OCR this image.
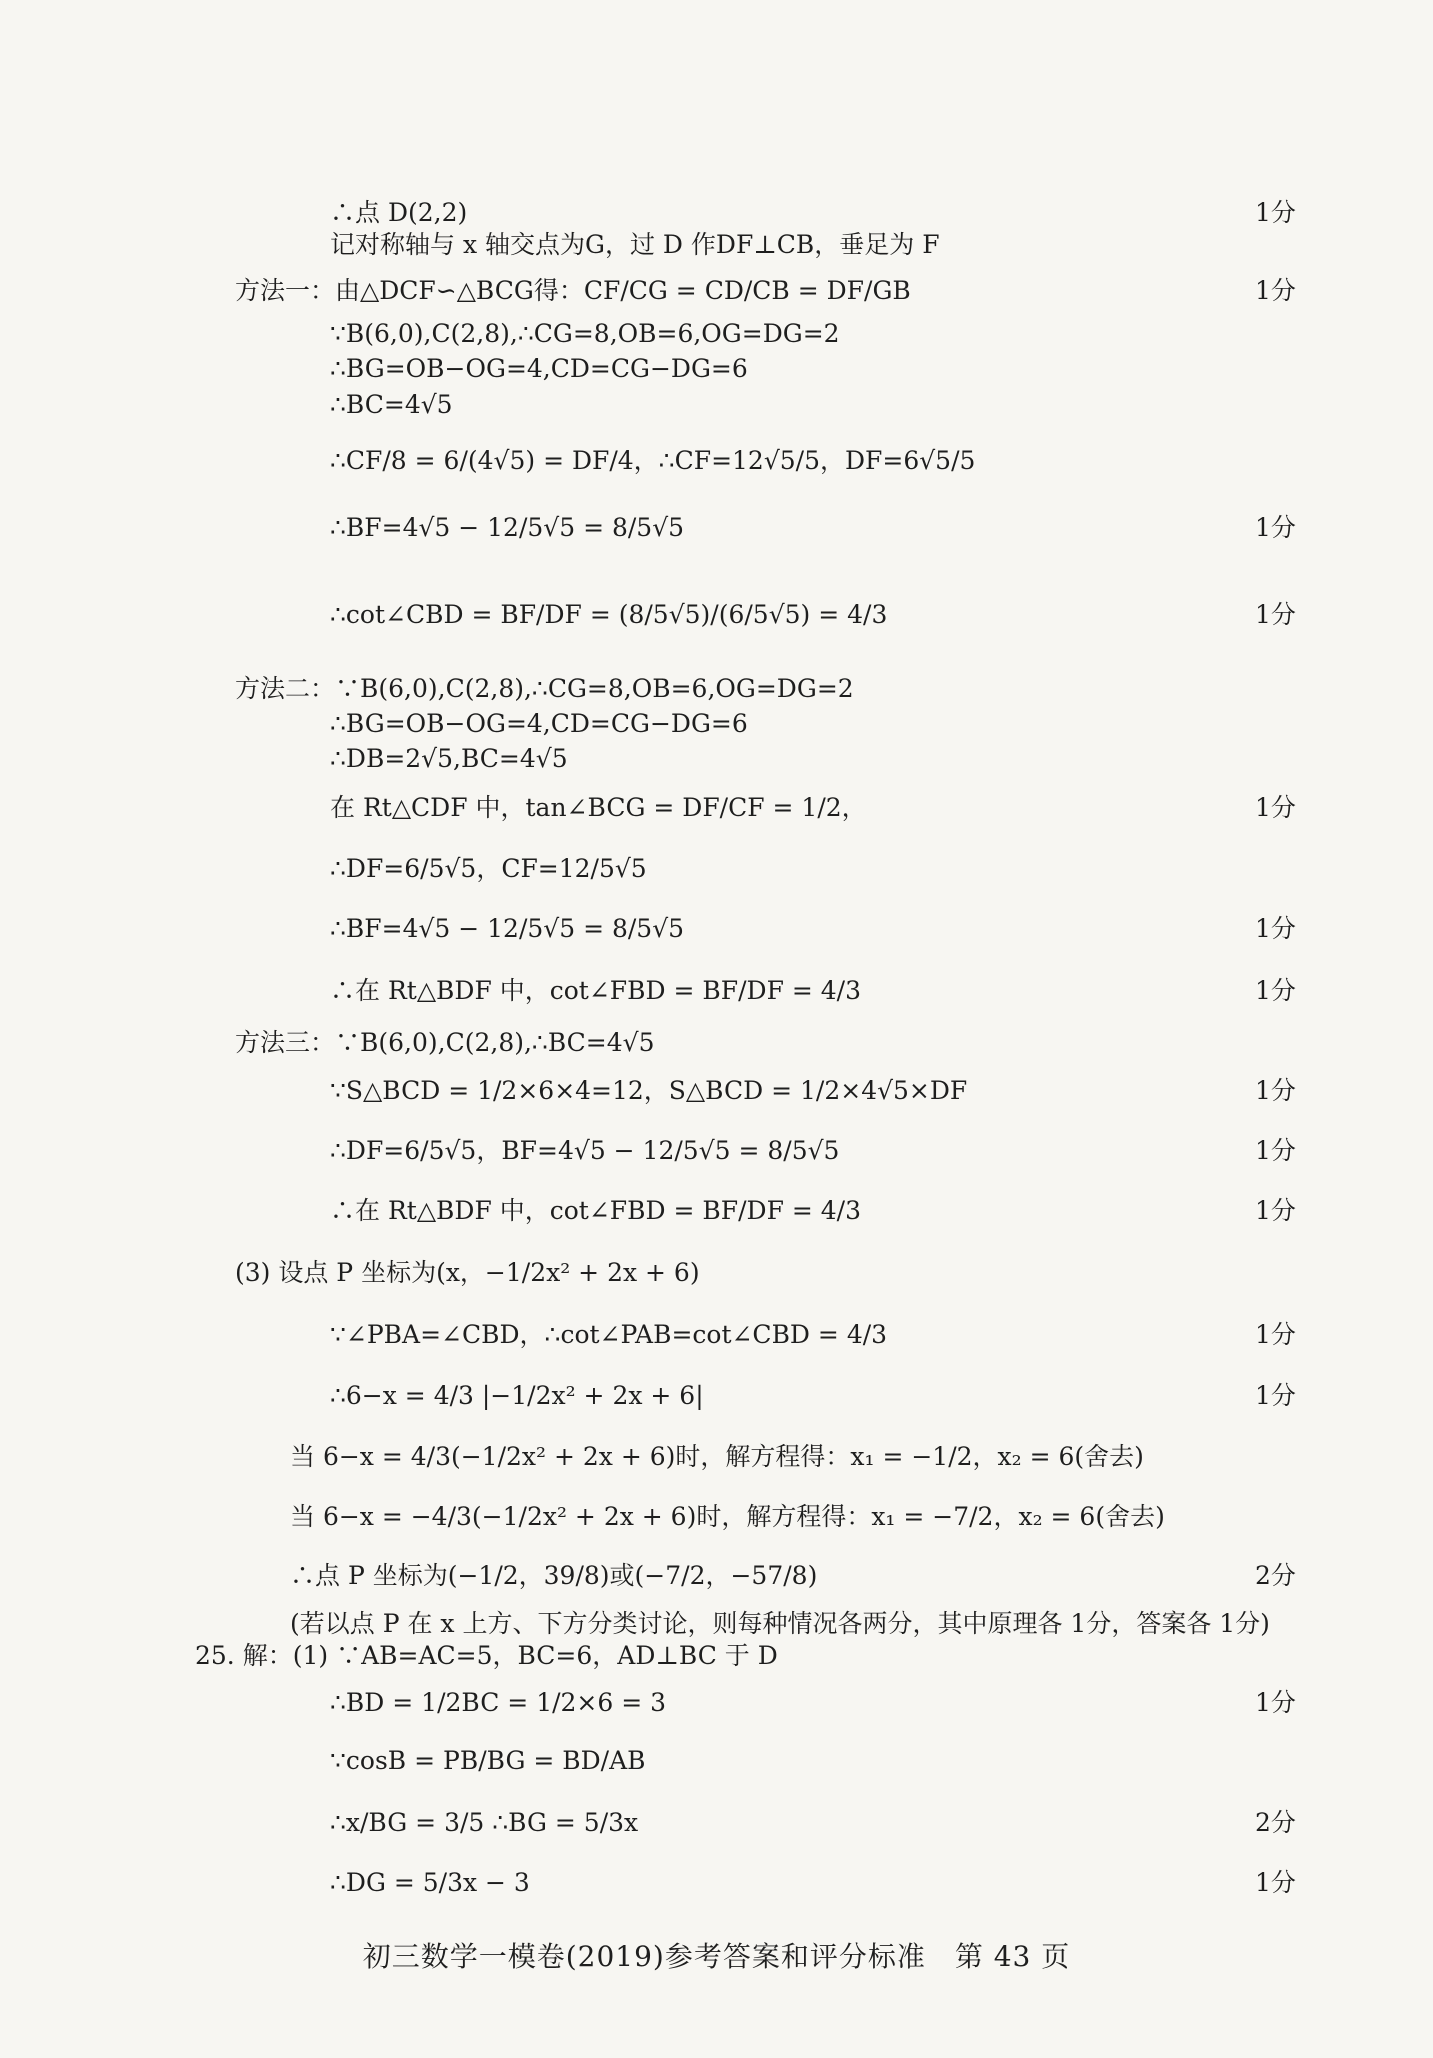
∴点 D(2,2)	1分
记对称轴与 x 轴交点为G，过 D 作DF⊥CB，垂足为 F
方法一：由△DCF∽△BCG得：CF/CG = CD/CB = DF/GB	1分
∵B(6,0),C(2,8),∴CG=8,OB=6,OG=DG=2
∴BG=OB−OG=4,CD=CG−DG=6
∴BC=4√5
∴CF/8 = 6/(4√5) = DF/4，∴CF=12√5/5，DF=6√5/5
∴BF=4√5 − 12/5√5 = 8/5√5	1分
∴cot∠CBD = BF/DF = (8/5√5)/(6/5√5) = 4/3	1分
方法二：∵B(6,0),C(2,8),∴CG=8,OB=6,OG=DG=2
∴BG=OB−OG=4,CD=CG−DG=6
∴DB=2√5,BC=4√5
在 Rt△CDF 中，tan∠BCG = DF/CF = 1/2，	1分
∴DF=6/5√5，CF=12/5√5
∴BF=4√5 − 12/5√5 = 8/5√5	1分
∴在 Rt△BDF 中，cot∠FBD = BF/DF = 4/3	1分
方法三：∵B(6,0),C(2,8),∴BC=4√5
∵S△BCD = 1/2×6×4=12，S△BCD = 1/2×4√5×DF	1分
∴DF=6/5√5，BF=4√5 − 12/5√5 = 8/5√5	1分
∴在 Rt△BDF 中，cot∠FBD = BF/DF = 4/3	1分
(3) 设点 P 坐标为(x，−1/2x² + 2x + 6)
∵∠PBA=∠CBD，∴cot∠PAB=cot∠CBD = 4/3	1分
∴6−x = 4/3 |−1/2x² + 2x + 6|	1分
当 6−x = 4/3(−1/2x² + 2x + 6)时，解方程得：x₁ = −1/2，x₂ = 6(舍去)
当 6−x = −4/3(−1/2x² + 2x + 6)时，解方程得：x₁ = −7/2，x₂ = 6(舍去)
∴点 P 坐标为(−1/2，39/8)或(−7/2，−57/8)	2分
(若以点 P 在 x 上方、下方分类讨论，则每种情况各两分，其中原理各 1分，答案各 1分)
25. 解：(1) ∵AB=AC=5，BC=6，AD⊥BC 于 D
∴BD = 1/2BC = 1/2×6 = 3	1分
∵cosB = PB/BG = BD/AB
∴x/BG = 3/5 ∴BG = 5/3x	2分
∴DG = 5/3x − 3	1分
初三数学一模卷(2019)参考答案和评分标准　第 43 页
